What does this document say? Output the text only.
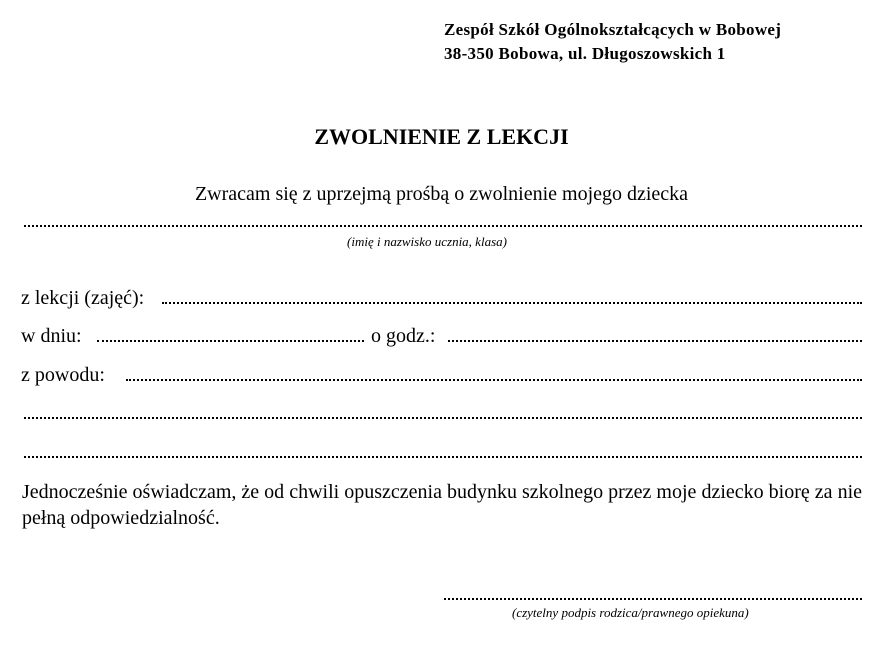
Zespół Szkół Ogólnokształcących w Bobowej
38-350 Bobowa, ul. Długoszowskich 1
ZWOLNIENIE Z LEKCJI
Zwracam się z uprzejmą prośbą o zwolnienie mojego dziecka
(imię i nazwisko ucznia, klasa)
z lekcji (zajęć):
w dniu:	o godz.:
z powodu:
Jednocześnie oświadczam, że od chwili opuszczenia budynku szkolnego przez moje dziecko biorę za nie pełną odpowiedzialność.
(czytelny podpis rodzica/prawnego opiekuna)
